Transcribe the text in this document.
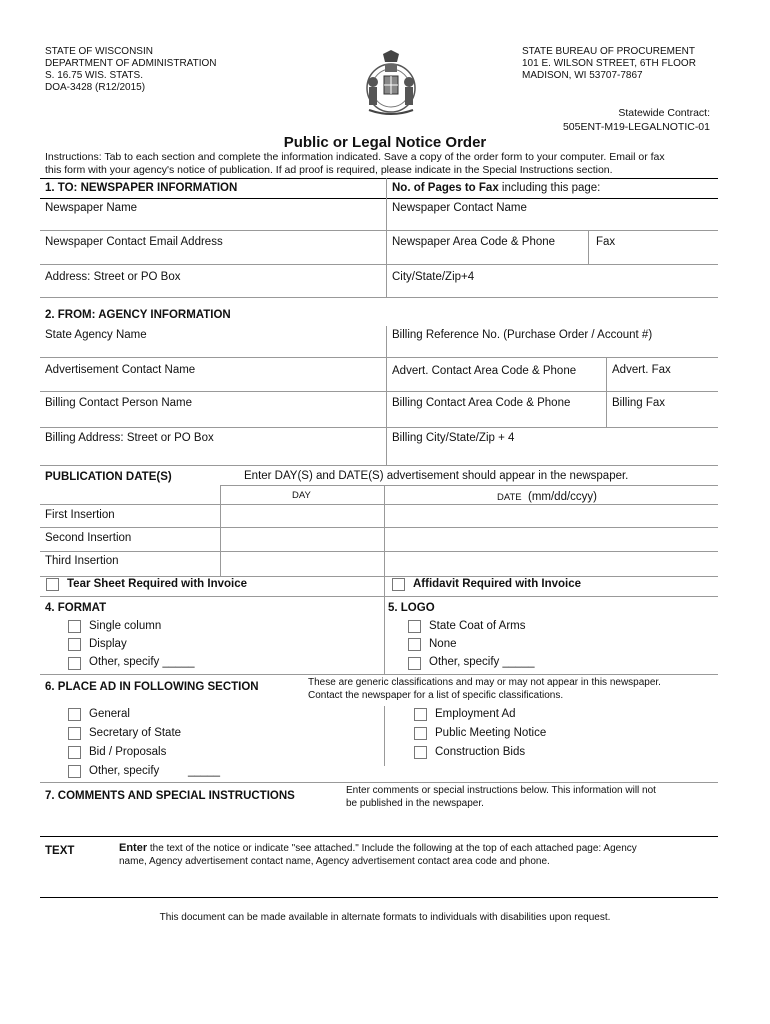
STATE OF WISCONSIN
DEPARTMENT OF ADMINISTRATION
S. 16.75 WIS. STATS.
DOA-3428 (R12/2015)
STATE BUREAU OF PROCUREMENT
101 E. WILSON STREET, 6TH FLOOR
MADISON, WI 53707-7867
Statewide Contract:
505ENT-M19-LEGALNOTIC-01
Public or Legal Notice Order
Instructions: Tab to each section and complete the information indicated. Save a copy of the order form to your computer. Email or fax
this form with your agency's notice of publication. If ad proof is required, please indicate in the Special Instructions section.
1. TO: NEWSPAPER INFORMATION	No. of Pages to Fax including this page:
Newspaper Name	Newspaper Contact Name
Newspaper Contact Email Address	Newspaper Area Code & Phone	Fax
Address: Street or PO Box	City/State/Zip+4
2. FROM: AGENCY INFORMATION
State Agency Name	Billing Reference No. (Purchase Order / Account #)
Advertisement Contact Name	Advert. Contact Area Code & Phone	Advert. Fax
Billing Contact Person Name	Billing Contact Area Code & Phone	Billing Fax
Billing Address: Street or PO Box	Billing City/State/Zip + 4
PUBLICATION DATE(S)	Enter DAY(S) and DATE(S) advertisement should appear in the newspaper.
DAY	DATE (mm/dd/ccyy)
First Insertion
Second Insertion
Third Insertion
Tear Sheet Required with Invoice	Affidavit Required with Invoice
4. FORMAT	5. LOGO
Single column
Display
Other, specify _____
State Coat of Arms
None
Other, specify _____
6. PLACE AD IN FOLLOWING SECTION	These are generic classifications and may or may not appear in this newspaper.
Contact the newspaper for a list of specific classifications.
General
Secretary of State
Bid / Proposals
Other, specify _____
Employment Ad
Public Meeting Notice
Construction Bids
7. COMMENTS AND SPECIAL INSTRUCTIONS	Enter comments or special instructions below. This information will not
be published in the newspaper.
TEXT	Enter the text of the notice or indicate "see attached." Include the following at the top of each attached page: Agency
name, Agency advertisement contact name, Agency advertisement contact area code and phone.
This document can be made available in alternate formats to individuals with disabilities upon request.
